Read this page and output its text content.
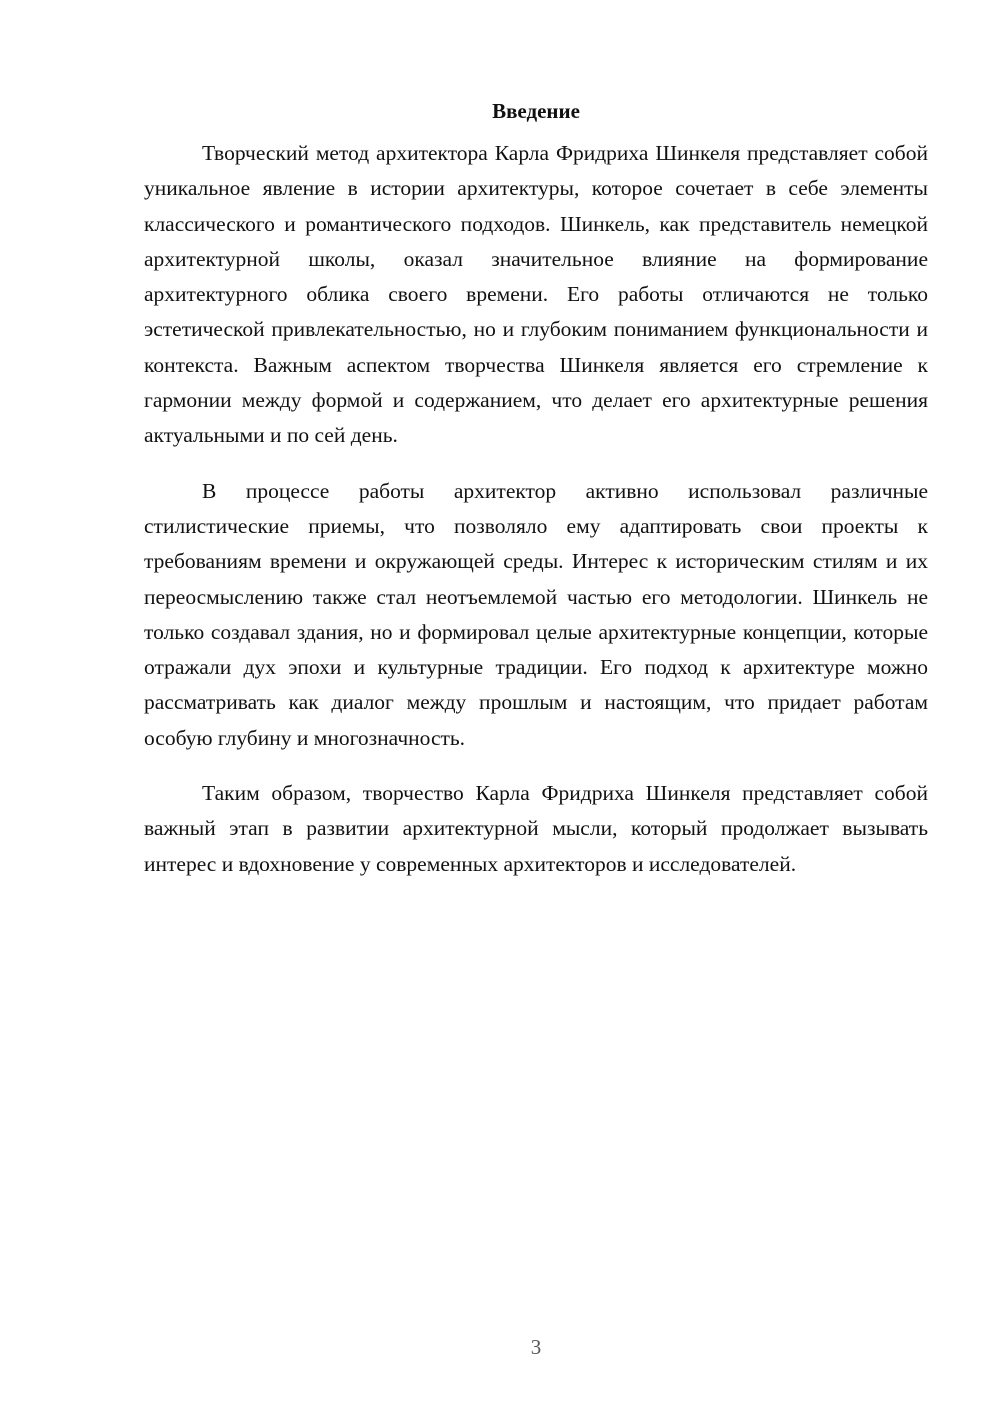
Введение

Творческий метод архитектора Карла Фридриха Шинкеля представляет собой уникальное явление в истории архитектуры, которое сочетает в себе элементы классического и романтического подходов. Шинкель, как представитель немецкой архитектурной школы, оказал значительное влияние на формирование архитектурного облика своего времени. Его работы отличаются не только эстетической привлекательностью, но и глубоким пониманием функциональности и контекста. Важным аспектом творчества Шинкеля является его стремление к гармонии между формой и содержанием, что делает его архитектурные решения актуальными и по сей день.

В процессе работы архитектор активно использовал различные стилистические приемы, что позволяло ему адаптировать свои проекты к требованиям времени и окружающей среды. Интерес к историческим стилям и их переосмыслению также стал неотъемлемой частью его методологии. Шинкель не только создавал здания, но и формировал целые архитектурные концепции, которые отражали дух эпохи и культурные традиции. Его подход к архитектуре можно рассматривать как диалог между прошлым и настоящим, что придает работам особую глубину и многозначность.

Таким образом, творчество Карла Фридриха Шинкеля представляет собой важный этап в развитии архитектурной мысли, который продолжает вызывать интерес и вдохновение у современных архитекторов и исследователей.

3
